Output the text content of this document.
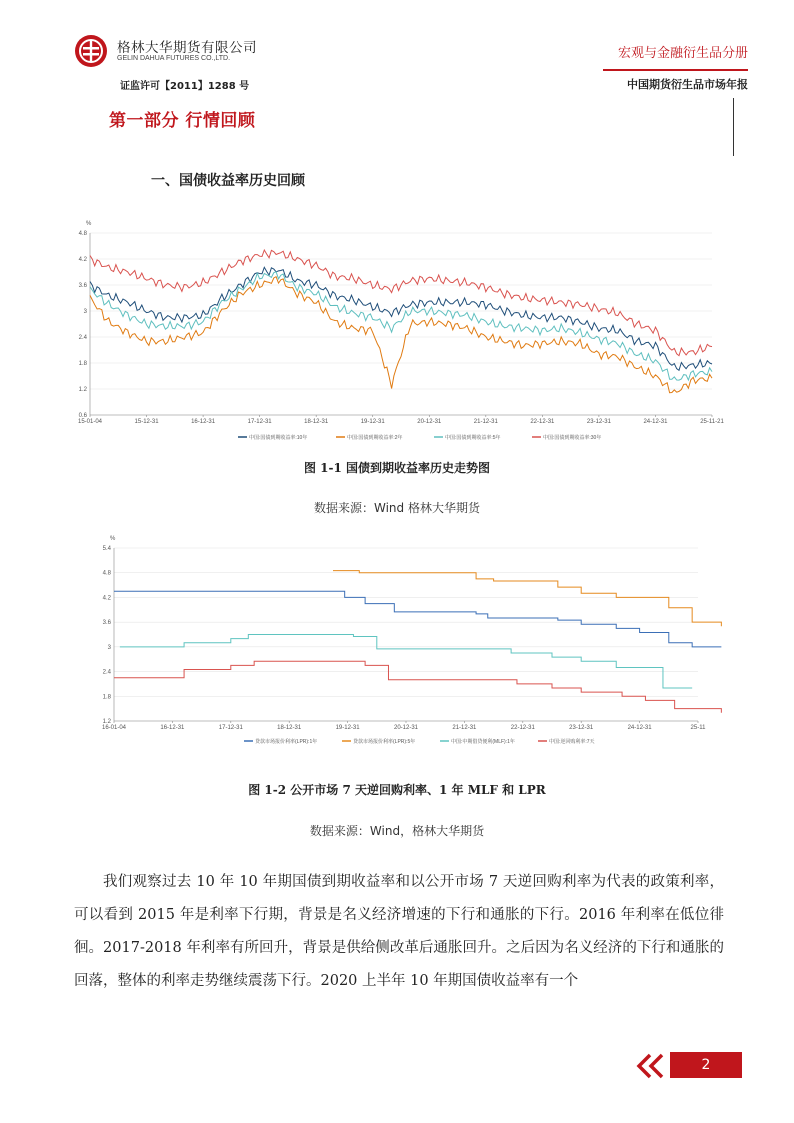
格林大华期货有限公司
GELIN DAHUA FUTURES CO.,LTD.
证监许可【2011】1288 号
宏观与金融衍生品分册
中国期货衍生品市场年报
第一部分 行情回顾
一、国债收益率历史回顾
%
0.6
1.2
1.8
2.4
3
3.6
4.2
4.8
15-01-04	15-12-31	16-12-31	17-12-31	18-12-31	19-12-31	20-12-31	21-12-31	22-12-31	23-12-31	24-12-31	25-11-21
中国:国债到期收益率:10年	中国:国债到期收益率:2年	中国:国债到期收益率:5年	中国:国债到期收益率:30年
图 1-1 国债到期收益率历史走势图
数据来源：Wind 格林大华期货
%
1.2
1.8
2.4
3
3.6
4.2
4.8
5.4
16-01-04	16-12-31	17-12-31	18-12-31	19-12-31	20-12-31	21-12-31	22-12-31	23-12-31	24-12-31	25-11
贷款市场报价利率(LPR):1年	贷款市场报价利率(LPR):5年	中国:中期借贷便利(MLF):1年	中国:逆回购利率:7天
图 1-2 公开市场 7 天逆回购利率、1 年 MLF 和 LPR
数据来源：Wind，格林大华期货

我们观察过去 10 年 10 年期国债到期收益率和以公开市场 7 天逆回购利率为代表的政策利率，可以看到 2015 年是利率下行期，背景是名义经济增速的下行和通胀的下行。2016 年利率在低位徘徊。2017-2018 年利率有所回升，背景是供给侧改革后通胀回升。之后因为名义经济的下行和通胀的回落，整体的利率走势继续震荡下行。2020 上半年 10 年期国债收益率有一个

2
